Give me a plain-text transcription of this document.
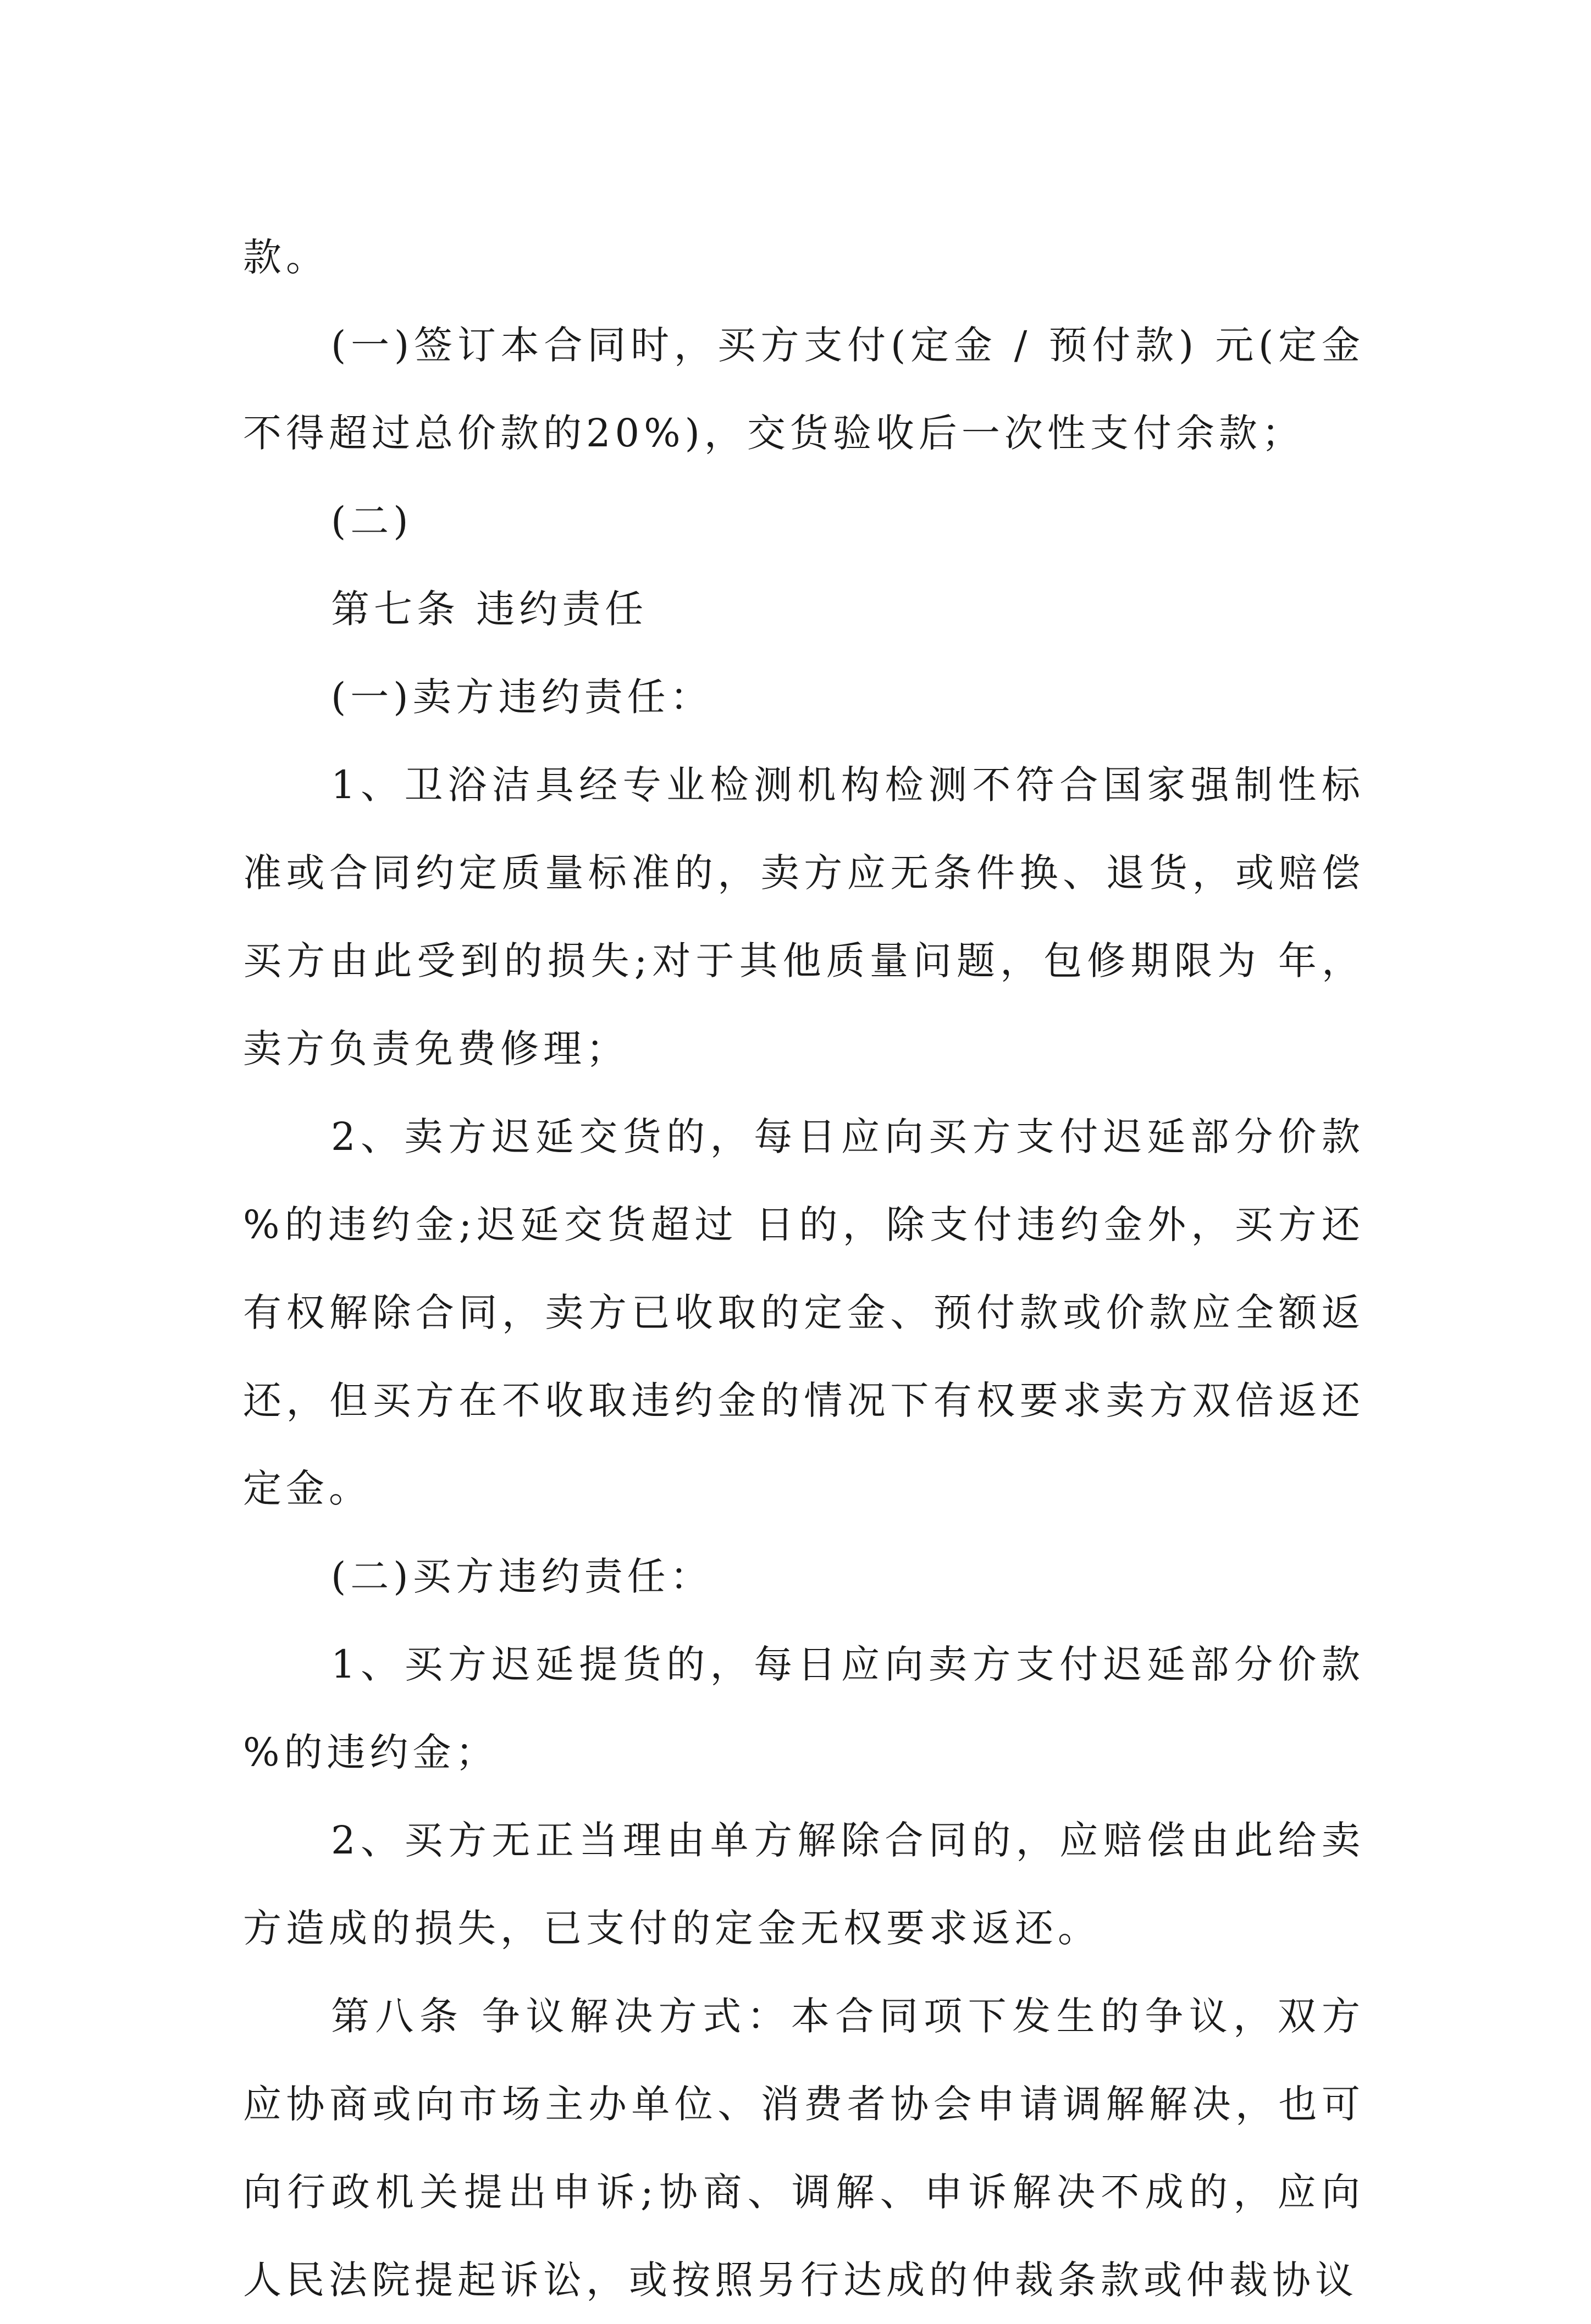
款。

(一)签订本合同时，买方支付(定金 / 预付款) 元(定金不得超过总价款的20%)，交货验收后一次性支付余款；

(二)

第七条 违约责任

(一)卖方违约责任：

1、卫浴洁具经专业检测机构检测不符合国家强制性标准或合同约定质量标准的，卖方应无条件换、退货，或赔偿买方由此受到的损失;对于其他质量问题，包修期限为 年，卖方负责免费修理；

2、卖方迟延交货的，每日应向买方支付迟延部分价款 %的违约金;迟延交货超过 日的，除支付违约金外，买方还有权解除合同，卖方已收取的定金、预付款或价款应全额返还，但买方在不收取违约金的情况下有权要求卖方双倍返还定金。

(二)买方违约责任：

1、买方迟延提货的，每日应向卖方支付迟延部分价款 %的违约金；

2、买方无正当理由单方解除合同的，应赔偿由此给卖方造成的损失，已支付的定金无权要求返还。

第八条 争议解决方式：本合同项下发生的争议，双方应协商或向市场主办单位、消费者协会申请调解解决，也可向行政机关提出申诉;协商、调解、申诉解决不成的，应向人民法院提起诉讼，或按照另行达成的仲裁条款或仲裁协议
